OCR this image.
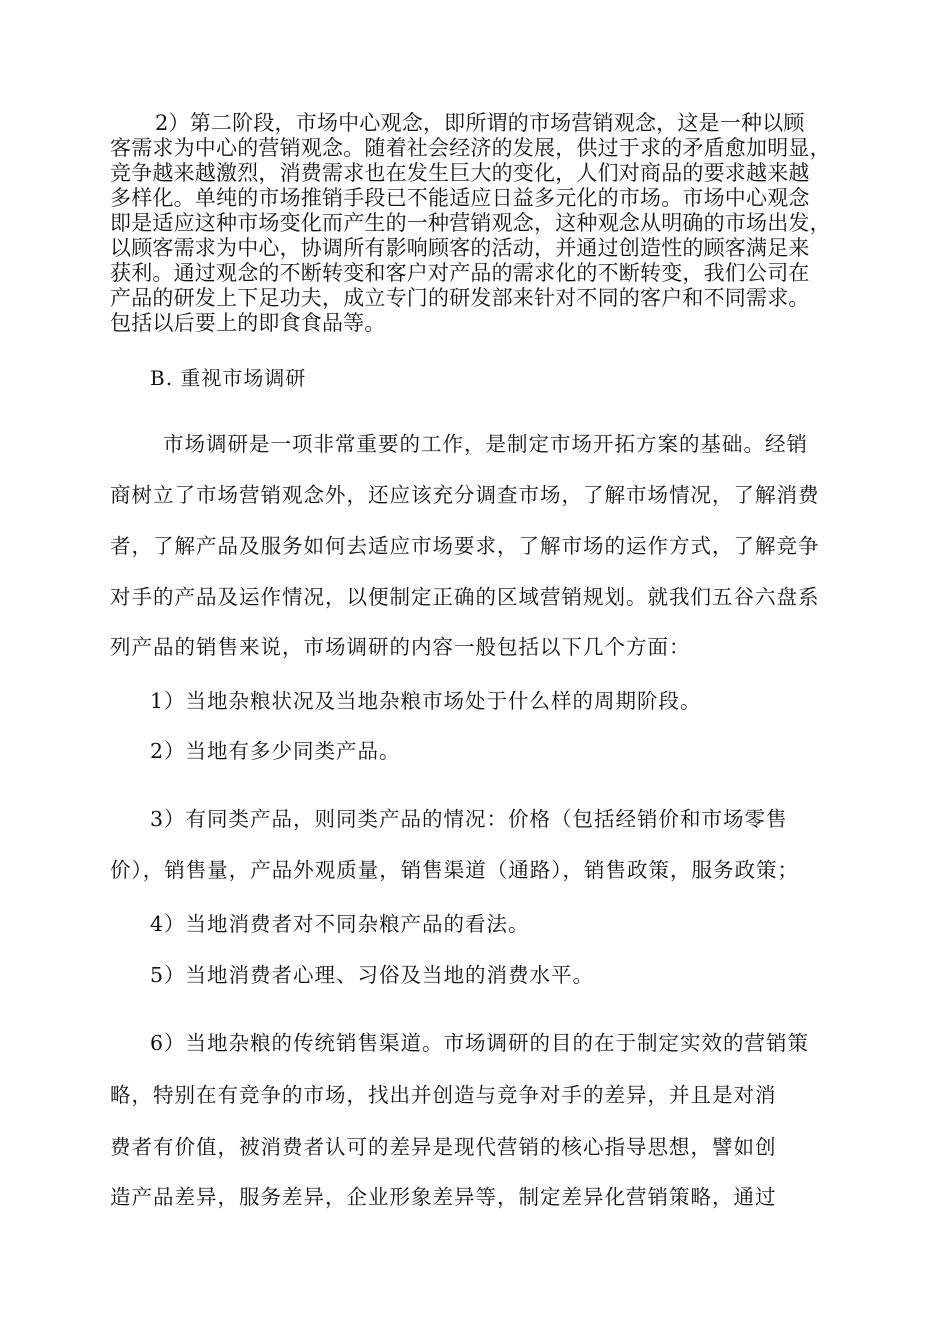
2）第二阶段，市场中心观念，即所谓的市场营销观念，这是一种以顾
客需求为中心的营销观念。随着社会经济的发展，供过于求的矛盾愈加明显，
竞争越来越激烈，消费需求也在发生巨大的变化，人们对商品的要求越来越
多样化。单纯的市场推销手段已不能适应日益多元化的市场。市场中心观念
即是适应这种市场变化而产生的一种营销观念，这种观念从明确的市场出发，
以顾客需求为中心，协调所有影响顾客的活动，并通过创造性的顾客满足来
获利。通过观念的不断转变和客户对产品的需求化的不断转变，我们公司在
产品的研发上下足功夫，成立专门的研发部来针对不同的客户和不同需求。
包括以后要上的即食食品等。
B. 重视市场调研
市场调研是一项非常重要的工作，是制定市场开拓方案的基础。经销
商树立了市场营销观念外，还应该充分调查市场，了解市场情况，了解消费
者，了解产品及服务如何去适应市场要求，了解市场的运作方式，了解竞争
对手的产品及运作情况，以便制定正确的区域营销规划。就我们五谷六盘系
列产品的销售来说，市场调研的内容一般包括以下几个方面：
1）当地杂粮状况及当地杂粮市场处于什么样的周期阶段。
2）当地有多少同类产品。
3）有同类产品，则同类产品的情况：价格（包括经销价和市场零售
价），销售量，产品外观质量，销售渠道（通路），销售政策，服务政策；
4）当地消费者对不同杂粮产品的看法。
5）当地消费者心理、习俗及当地的消费水平。
6）当地杂粮的传统销售渠道。市场调研的目的在于制定实效的营销策
略，特别在有竞争的市场，找出并创造与竞争对手的差异，并且是对消
费者有价值，被消费者认可的差异是现代营销的核心指导思想，譬如创
造产品差异，服务差异，企业形象差异等，制定差异化营销策略，通过
